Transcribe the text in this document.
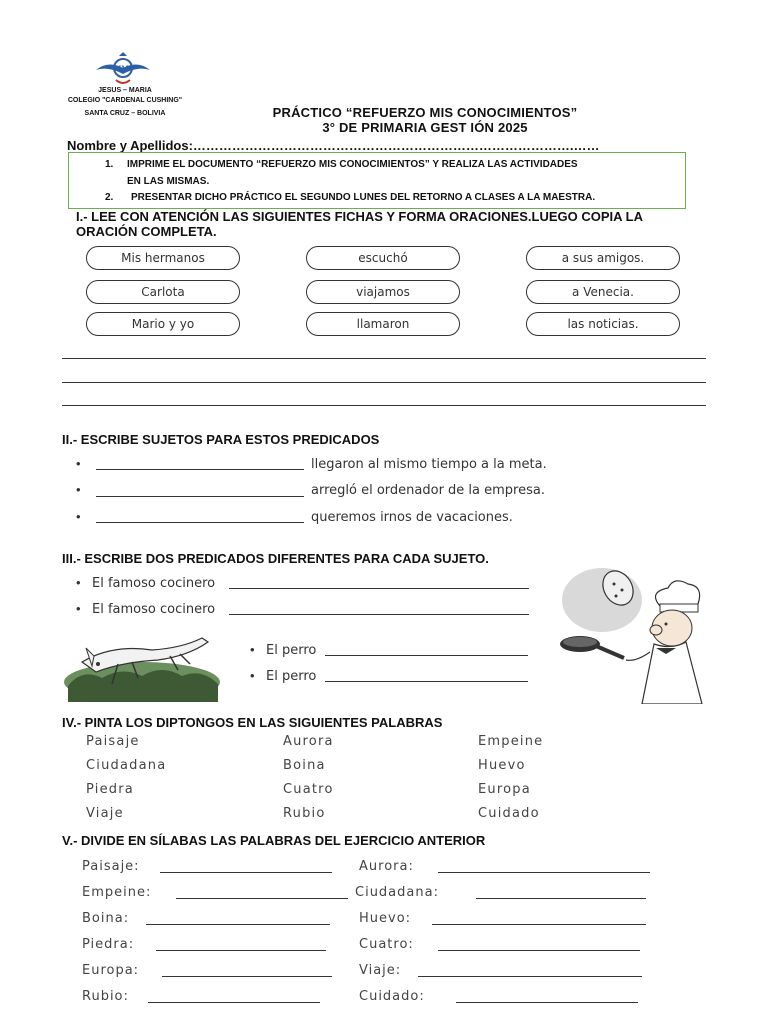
JM
JESUS – MARIA
COLEGIO "CARDENAL CUSHING"
SANTA CRUZ – BOLIVIA	PRÁCTICO “REFUERZO MIS CONOCIMIENTOS”
3° DE PRIMARIA GEST IÓN 2025
Nombre y Apellidos:…………………………………………………………………………….……
1. IMPRIME EL DOCUMENTO “REFUERZO MIS CONOCIMIENTOS” Y REALIZA LAS ACTIVIDADES
EN LAS MISMAS.
2. PRESENTAR DICHO PRÁCTICO EL SEGUNDO LUNES DEL RETORNO A CLASES A LA MAESTRA.
I.- LEE CON ATENCIÓN LAS SIGUIENTES FICHAS Y FORMA ORACIONES.LUEGO COPIA LA
ORACIÓN COMPLETA.
Mis hermanos	escuchó	a sus amigos.
Carlota	viajamos	a Venecia.
Mario y yo	llamaron	las noticias.
II.- ESCRIBE SUJETOS PARA ESTOS PREDICADOS
•	llegaron al mismo tiempo a la meta.
•	arregló el ordenador de la empresa.
•	queremos irnos de vacaciones.
III.- ESCRIBE DOS PREDICADOS DIFERENTES PARA CADA SUJETO.
• El famoso cocinero
• El famoso cocinero
• El perro
• El perro
IV.- PINTA LOS DIPTONGOS EN LAS SIGUIENTES PALABRAS
Paisaje	Aurora	Empeine
Ciudadana	Boina	Huevo
Piedra	Cuatro	Europa
Viaje	Rubio	Cuidado
V.- DIVIDE EN SÍLABAS LAS PALABRAS DEL EJERCICIO ANTERIOR
Paisaje:	Aurora:
Empeine:	Ciudadana:
Boina:	Huevo:
Piedra:	Cuatro:
Europa:	Viaje:
Rubio:	Cuidado:
